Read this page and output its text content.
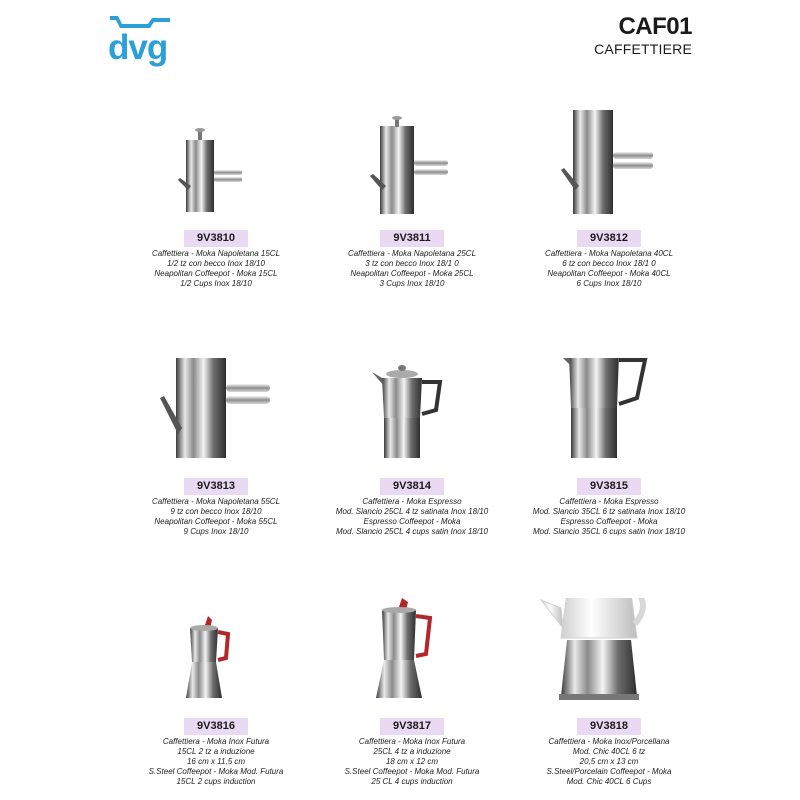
dvg
CAF01
CAFFETTIERE
9V3810
Caffettiera - Moka Napoletana 15CL
1/2 tz con becco Inox 18/10
Neapolitan Coffeepot - Moka 15CL
1/2 Cups Inox 18/10
9V3811
Caffettiera - Moka Napoletana 25CL
3 tz con becco Inox 18/1 0
Neapolitan Coffeepot - Moka 25CL
3 Cups Inox 18/10
9V3812
Caffettiera - Moka Napoletana 40CL
6 tz con becco Inox 18/1 0
Neapolitan Coffeepot - Moka 40CL
6 Cups Inox 18/10
9V3813
Caffettiera - Moka Napoletana 55CL
9 tz con becco Inox 18/10
Neapolitan Coffeepot - Moka 55CL
9 Cups Inox 18/10
9V3814
Caffettiera - Moka Espresso
Mod. Slancio 25CL 4 tz satinata Inox 18/10
Espresso Coffeepot - Moka
Mod. Slancio 25CL 4 cups satin Inox 18/10
9V3815
Caffettiera - Moka Espresso
Mod. Slancio 35CL 6 tz satinata Inox 18/10
Espresso Coffeepot - Moka
Mod. Slancio 35CL 6 cups satin Inox 18/10
9V3816
Caffettiera - Moka Inox Futura
15CL 2 tz a induzione
16 cm x 11,5 cm
S.Steel Coffeepot - Moka Mod. Futura
15CL 2 cups induction
9V3817
Caffettiera - Moka Inox Futura
25CL 4 tz a induzione
18 cm x 12 cm
S.Steel Coffeepot - Moka Mod. Futura
25 CL 4 cups induction
9V3818
Caffettiera - Moka Inox/Porcellana
Mod. Chic 40CL 6 tz
20,5 cm x 13 cm
S.Steel/Porcelain Coffeepot - Moka
Mod. Chic 40CL 6 Cups
